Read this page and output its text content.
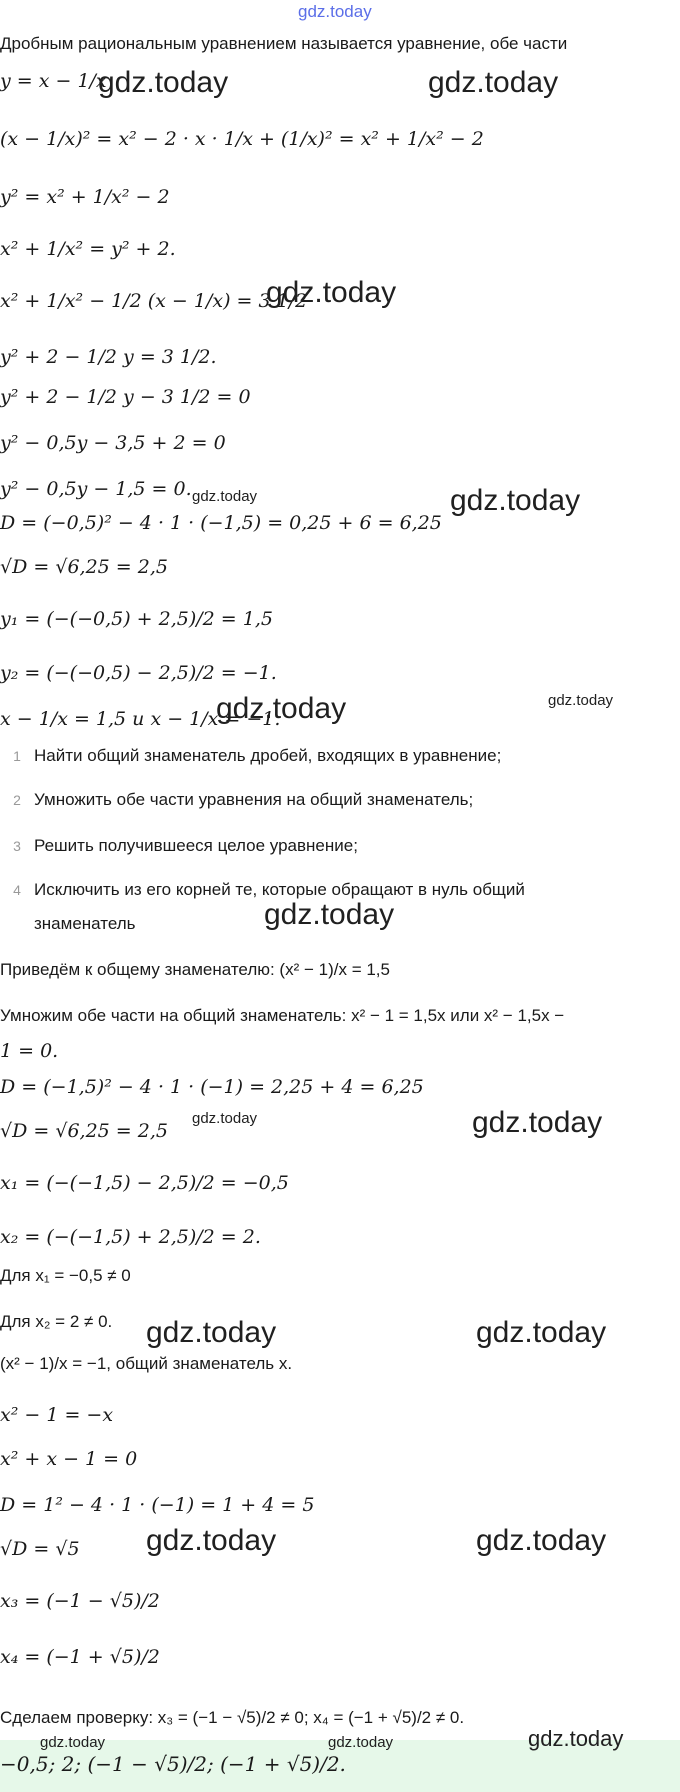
gdz.today
Дробным рациональным уравнением называется уравнение, обе части
y = x − 1/x
(x − 1/x)² = x² − 2 · x · 1/x + (1/x)² = x² + 1/x² − 2
y² = x² + 1/x² − 2
x² + 1/x² = y² + 2.
x² + 1/x² − 1/2 (x − 1/x) = 3 1/2
y² + 2 − 1/2 y = 3 1/2.
y² + 2 − 1/2 y − 3 1/2 = 0
y² − 0,5y − 3,5 + 2 = 0
y² − 0,5y − 1,5 = 0.
D = (−0,5)² − 4 · 1 · (−1,5) = 0,25 + 6 = 6,25
√D = √6,25 = 2,5
y₁ = (−(−0,5) + 2,5)/2 = 1,5
y₂ = (−(−0,5) − 2,5)/2 = −1.
x − 1/x = 1,5 и x − 1/x = −1.
1 Найти общий знаменатель дробей, входящих в уравнение;
2 Умножить обе части уравнения на общий знаменатель;
3 Решить получившееся целое уравнение;
4 Исключить из его корней те, которые обращают в нуль общий
знаменатель
Приведём к общему знаменателю: (x² − 1)/x = 1,5
Умножим обе части на общий знаменатель: x² − 1 = 1,5x или x² − 1,5x −
1 = 0.
D = (−1,5)² − 4 · 1 · (−1) = 2,25 + 4 = 6,25
√D = √6,25 = 2,5
x₁ = (−(−1,5) − 2,5)/2 = −0,5
x₂ = (−(−1,5) + 2,5)/2 = 2.
Для x₁ = −0,5 ≠ 0
Для x₂ = 2 ≠ 0.
(x² − 1)/x = −1, общий знаменатель x.
x² − 1 = −x
x² + x − 1 = 0
D = 1² − 4 · 1 · (−1) = 1 + 4 = 5
√D = √5
x₃ = (−1 − √5)/2
x₄ = (−1 + √5)/2
Сделаем проверку: x₃ = (−1 − √5)/2 ≠ 0; x₄ = (−1 + √5)/2 ≠ 0.
−0,5; 2; (−1 − √5)/2; (−1 + √5)/2.
gdz.today	gdz.today
gdz.today
gdz.today	gdz.today
gdz.today	gdz.today
gdz.today
gdz.today	gdz.today
gdz.today	gdz.today
gdz.today	gdz.today
gdz.today	gdz.today	gdz.today
